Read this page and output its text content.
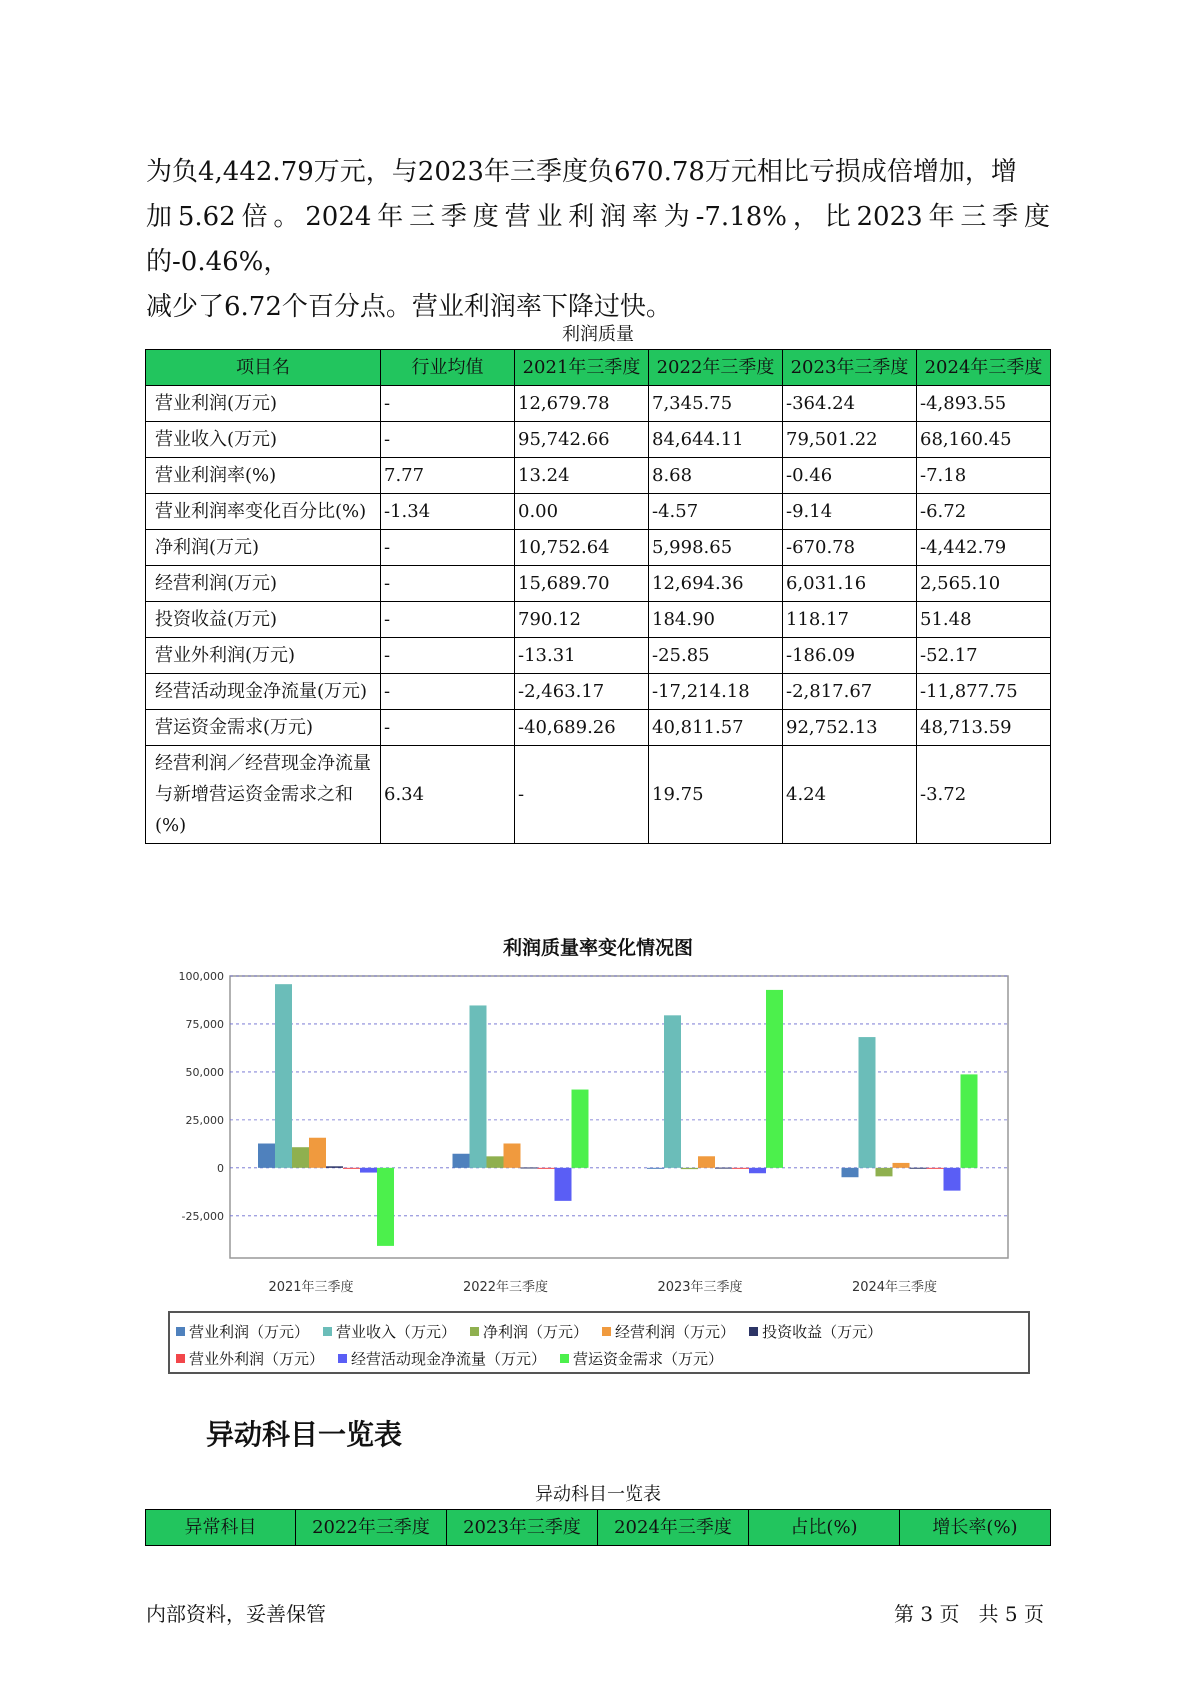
为负4,442.79万元，与2023年三季度负670.78万元相比亏损成倍增加，增

加5.62倍。2024年三季度营业利润率为-7.18%，比2023年三季度的-0.46%，

减少了6.72个百分点。营业利润率下降过快。

利润质量
项目名	行业均值	2021年三季度	2022年三季度	2023年三季度	2024年三季度
营业利润(万元)	-	12,679.78	7,345.75	-364.24	-4,893.55
营业收入(万元)	-	95,742.66	84,644.11	79,501.22	68,160.45
营业利润率(%)	7.77	13.24	8.68	-0.46	-7.18
营业利润率变化百分比(%)	-1.34	0.00	-4.57	-9.14	-6.72
净利润(万元)	-	10,752.64	5,998.65	-670.78	-4,442.79
经营利润(万元)	-	15,689.70	12,694.36	6,031.16	2,565.10
投资收益(万元)	-	790.12	184.90	118.17	51.48
营业外利润(万元)	-	-13.31	-25.85	-186.09	-52.17
经营活动现金净流量(万元)	-	-2,463.17	-17,214.18	-2,817.67	-11,877.75
营运资金需求(万元)	-	-40,689.26	40,811.57	92,752.13	48,713.59
经营利润／经营现金净流量与新增营运资金需求之和(%)	6.34	-	19.75	4.24	-3.72
利润质量率变化情况图
100,000
75,000
50,000
25,000
0
-25,000
2021年三季度	2022年三季度	2023年三季度	2024年三季度
营业利润（万元） 营业收入（万元） 净利润（万元） 经营利润（万元） 投资收益（万元）
营业外利润（万元） 经营活动现金净流量（万元） 营运资金需求（万元）
异动科目一览表
异动科目一览表
异常科目	2022年三季度	2023年三季度	2024年三季度	占比(%)	增长率(%)
内部资料，妥善保管	第 3 页   共 5 页
